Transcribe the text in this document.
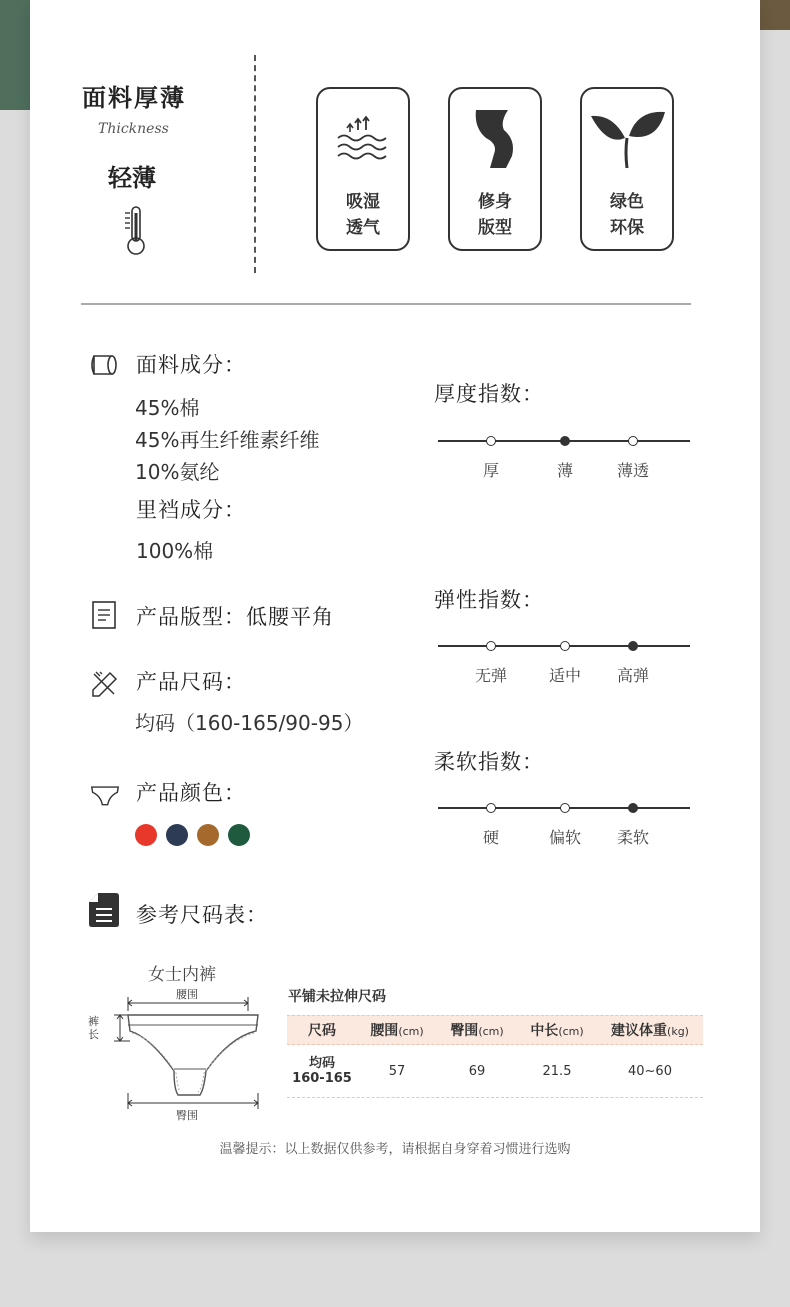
面料厚薄
Thickness
轻薄
吸湿
透气
修身
版型
绿色
环保
面料成分：
45%棉
45%再生纤维素纤维
10%氨纶
里裆成分：
100%棉
产品版型：低腰平角
产品尺码：
均码（160-165/90-95）
产品颜色：
厚度指数：
厚	薄	薄透
弹性指数：
无弹	适中	高弹
柔软指数：
硬	偏软	柔软
参考尺码表：
女士内裤
腰围
裤长
臀围
平铺未拉伸尺码
尺码	腰围(cm)	臀围(cm)	中长(cm)	建议体重(kg)
均码
160-165	57	69	21.5	40~60
温馨提示：以上数据仅供参考，请根据自身穿着习惯进行选购
